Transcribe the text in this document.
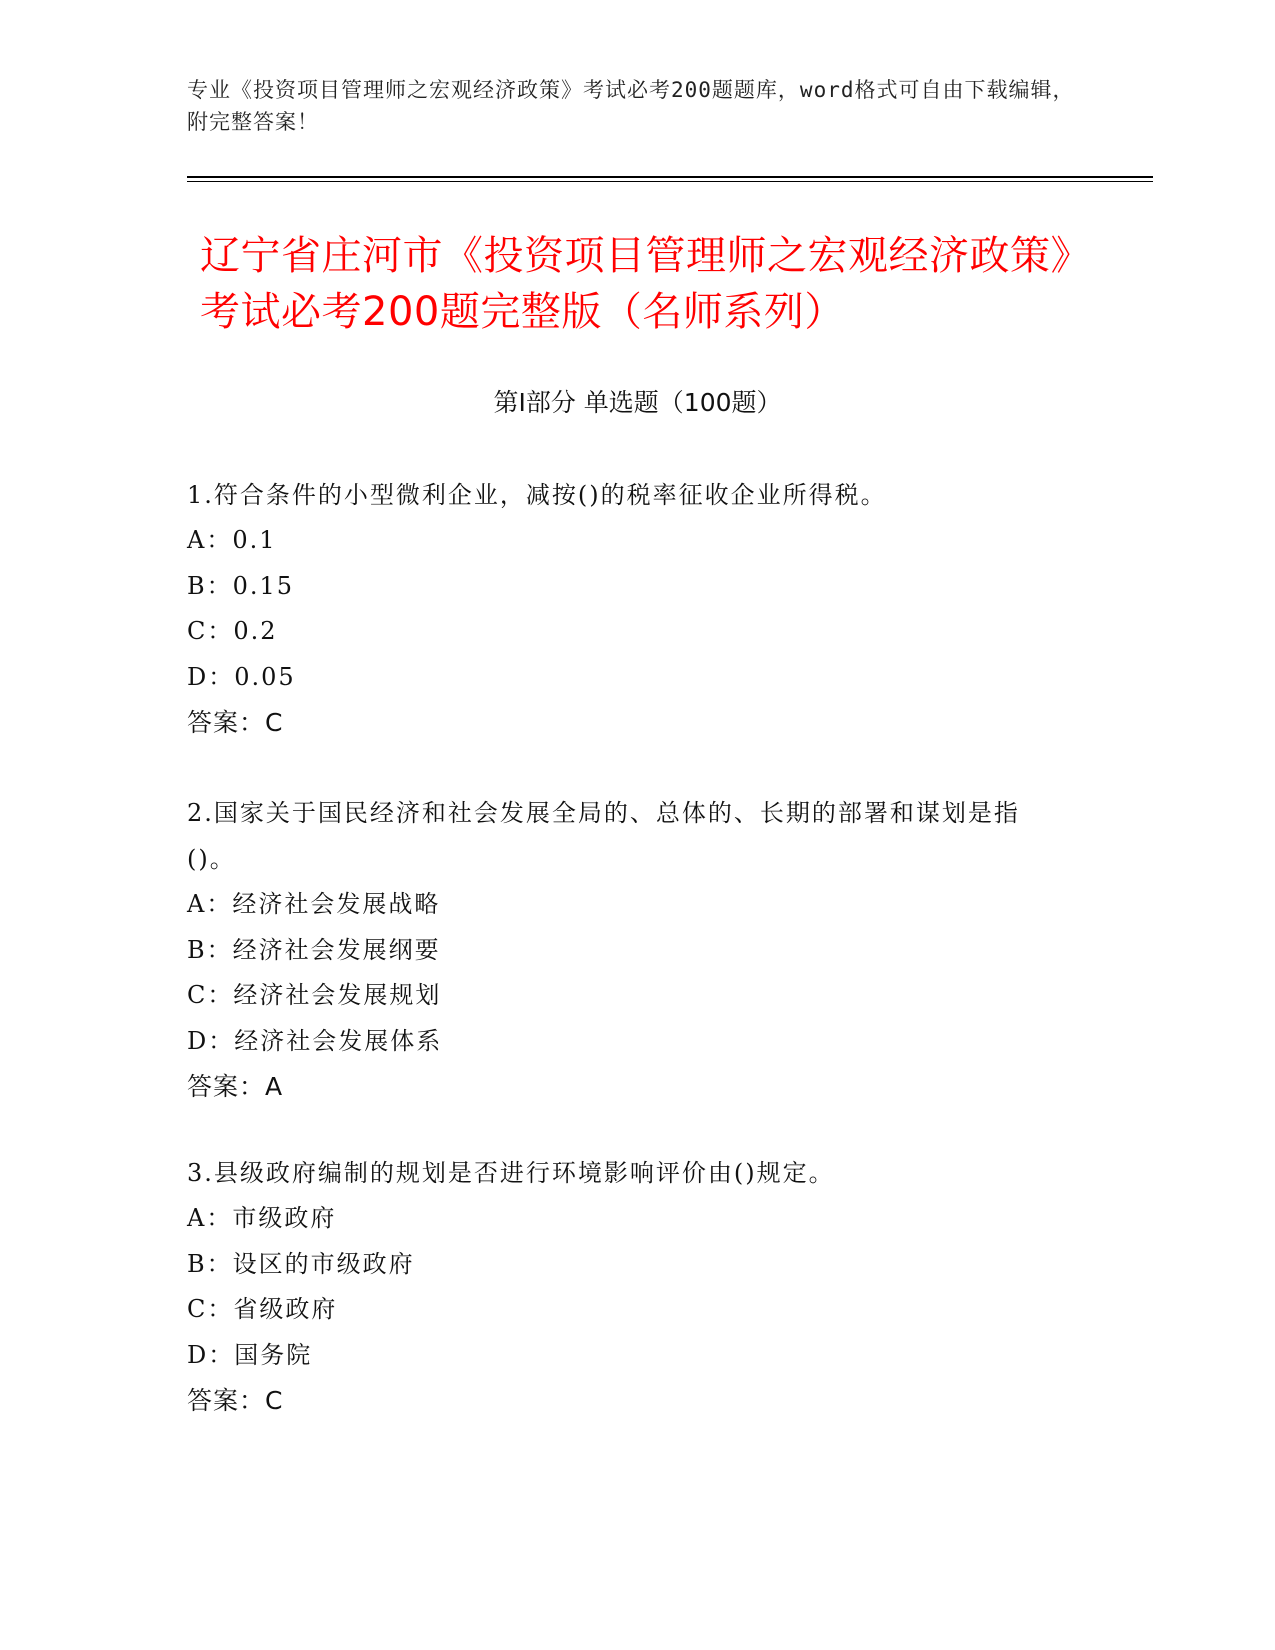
专业《投资项目管理师之宏观经济政策》考试必考200题题库，word格式可自由下载编辑，附完整答案！
辽宁省庄河市《投资项目管理师之宏观经济政策》考试必考200题完整版（名师系列）
第I部分 单选题（100题）

1.符合条件的小型微利企业，减按()的税率征收企业所得税。

A：0.1

B：0.15

C：0.2

D：0.05

答案：C

2.国家关于国民经济和社会发展全局的、总体的、长期的部署和谋划是指()。

A：经济社会发展战略

B：经济社会发展纲要

C：经济社会发展规划

D：经济社会发展体系

答案：A

3.县级政府编制的规划是否进行环境影响评价由()规定。

A：市级政府

B：设区的市级政府

C：省级政府

D：国务院

答案：C
